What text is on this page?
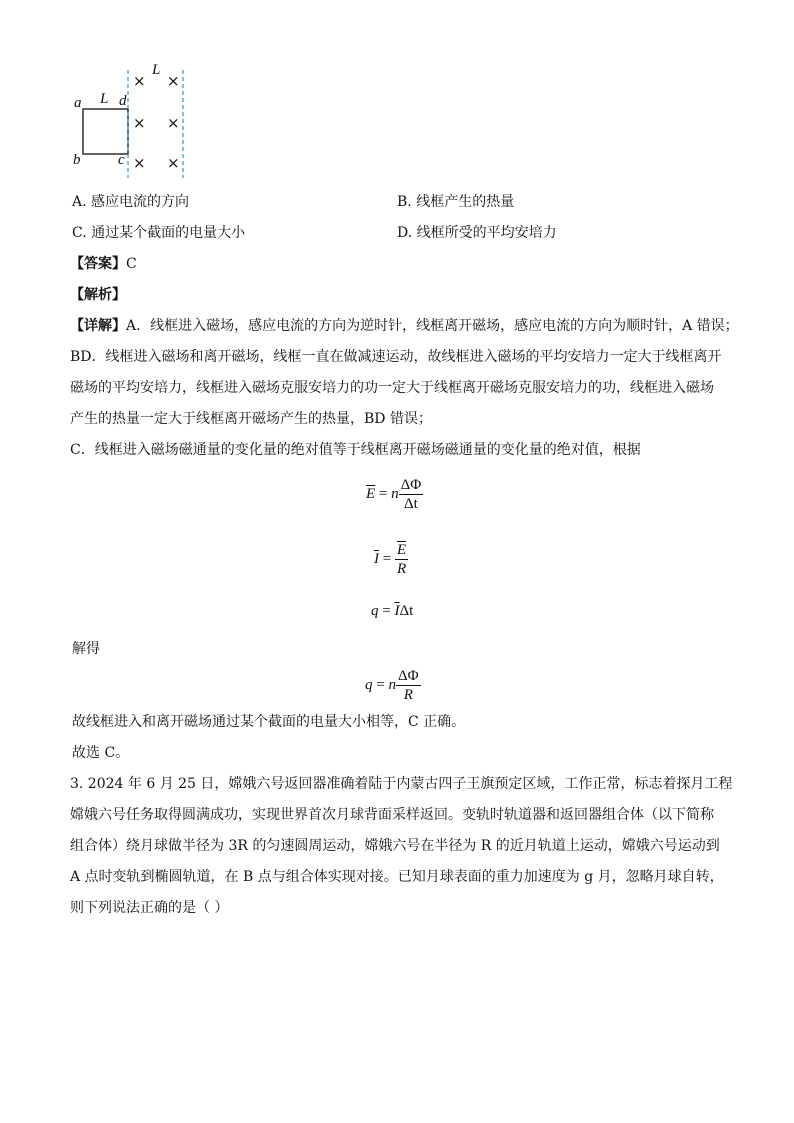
a L d
b	c
L
× ×
× ×
× ×
A. 感应电流的方向	B. 线框产生的热量
C. 通过某个截面的电量大小	D. 线框所受的平均安培力
【答案】C
【解析】
【详解】A．线框进入磁场，感应电流的方向为逆时针，线框离开磁场，感应电流的方向为顺时针，A 错误；
BD．线框进入磁场和离开磁场，线框一直在做减速运动，故线框进入磁场的平均安培力一定大于线框离开
磁场的平均安培力，线框进入磁场克服安培力的功一定大于线框离开磁场克服安培力的功，线框进入磁场
产生的热量一定大于线框离开磁场产生的热量，BD 错误；
C．线框进入磁场磁通量的变化量的绝对值等于线框离开磁场磁通量的变化量的绝对值，根据
$\overline{E} = n \frac{\Delta\Phi}{\Delta t}$
$\overline{I} = \frac{\overline{E}}{R}$
$q = \overline{I}\Delta t$
解得
q = n $\frac{\Delta\Phi}{R}$
故线框进入和离开磁场通过某个截面的电量大小相等，C 正确。
故选 C。
3. 2024 年 6 月 25 日，嫦娥六号返回器准确着陆于内蒙古四子王旗预定区域，工作正常，标志着探月工程
嫦娥六号任务取得圆满成功，实现世界首次月球背面采样返回。变轨时轨道器和返回器组合体（以下简称
组合体）绕月球做半径为 3R 的匀速圆周运动，嫦娥六号在半径为 R 的近月轨道上运动，嫦娥六号运动到
A 点时变轨到椭圆轨道，在 B 点与组合体实现对接。已知月球表面的重力加速度为 g 月，忽略月球自转，
则下列说法正确的是（ ）
